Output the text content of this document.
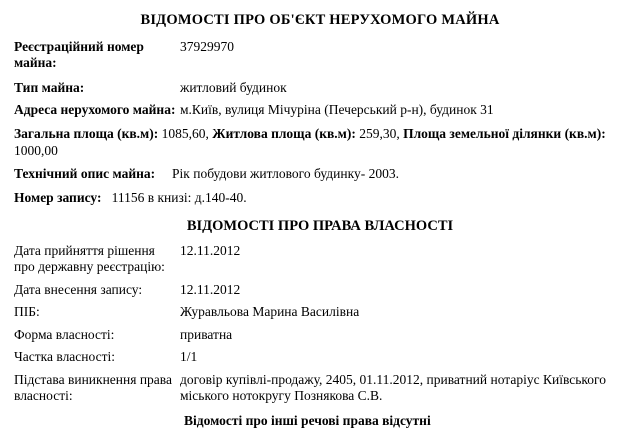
ВІДОМОСТІ ПРО ОБ'ЄКТ НЕРУХОМОГО МАЙНА
Реєстраційний номер майна:
37929970
Тип майна:	житловий будинок
Адреса нерухомого майна: м.Київ, вулиця Мічуріна (Печерський р-н), будинок 31
Загальна площа (кв.м): 1085,60, Житлова площа (кв.м): 259,30, Площа земельної ділянки (кв.м): 1000,00
Технічний опис майна: Рік побудови житлового будинку- 2003.
Номер запису: 11156 в книзі: д.140-40.
ВІДОМОСТІ ПРО ПРАВА ВЛАСНОСТІ
Дата прийняття рішення про державну реєстрацію:
12.11.2012
Дата внесення запису:	12.11.2012
ПІБ:	Журавльова Марина Василівна
Форма власності:	приватна
Частка власності:	1/1
Підстава виникнення права власності:
договір купівлі-продажу, 2405, 01.11.2012, приватний нотаріус Київського міського нотокругу Познякова С.В.
Відомості про інші речові права відсутні
